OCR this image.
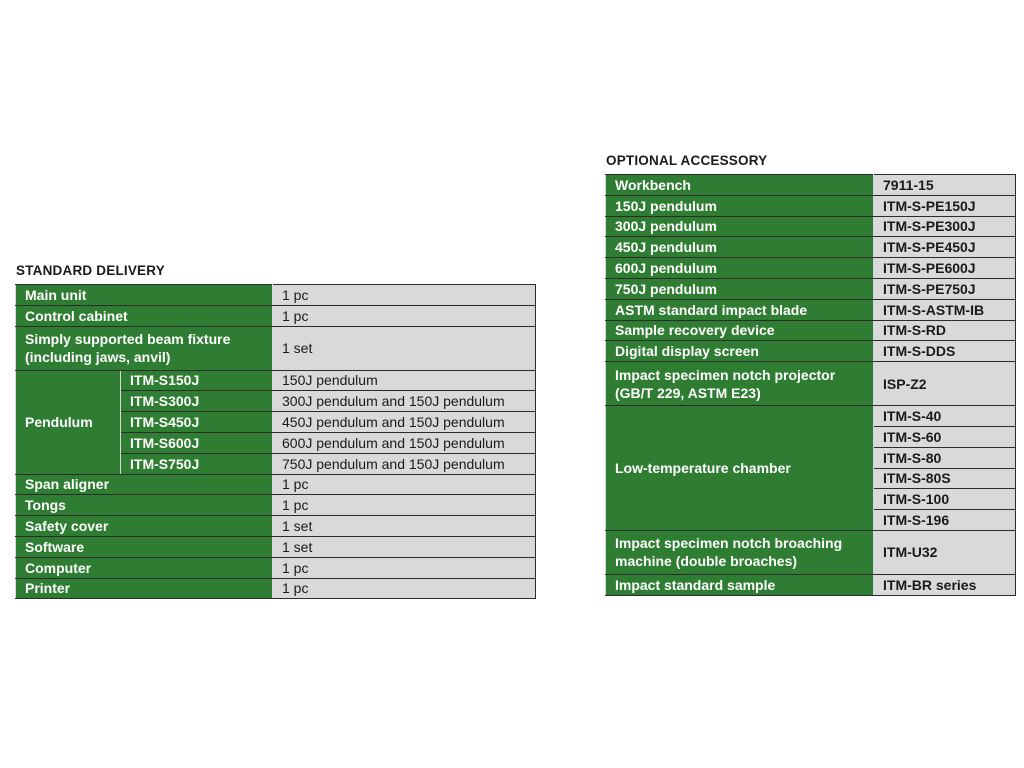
STANDARD DELIVERY
Main unit		1 pc
Control cabinet		1 pc
Simply supported beam fixture (including jaws, anvil)		1 set
Pendulum	ITM-S150J	150J pendulum
	ITM-S300J	300J pendulum and 150J pendulum
	ITM-S450J	450J pendulum and 150J pendulum
	ITM-S600J	600J pendulum and 150J pendulum
	ITM-S750J	750J pendulum and 150J pendulum
Span aligner		1 pc
Tongs		1 pc
Safety cover		1 set
Software		1 set
Computer		1 pc
Printer		1 pc
OPTIONAL ACCESSORY
Workbench	7911-15
150J pendulum	ITM-S-PE150J
300J pendulum	ITM-S-PE300J
450J pendulum	ITM-S-PE450J
600J pendulum	ITM-S-PE600J
750J pendulum	ITM-S-PE750J
ASTM standard impact blade	ITM-S-ASTM-IB
Sample recovery device	ITM-S-RD
Digital display screen	ITM-S-DDS
Impact specimen notch projector (GB/T 229, ASTM E23)	ISP-Z2
Low-temperature chamber	ITM-S-40
	ITM-S-60
	ITM-S-80
	ITM-S-80S
	ITM-S-100
	ITM-S-196
Impact specimen notch broaching machine (double broaches)	ITM-U32
Impact standard sample	ITM-BR series
